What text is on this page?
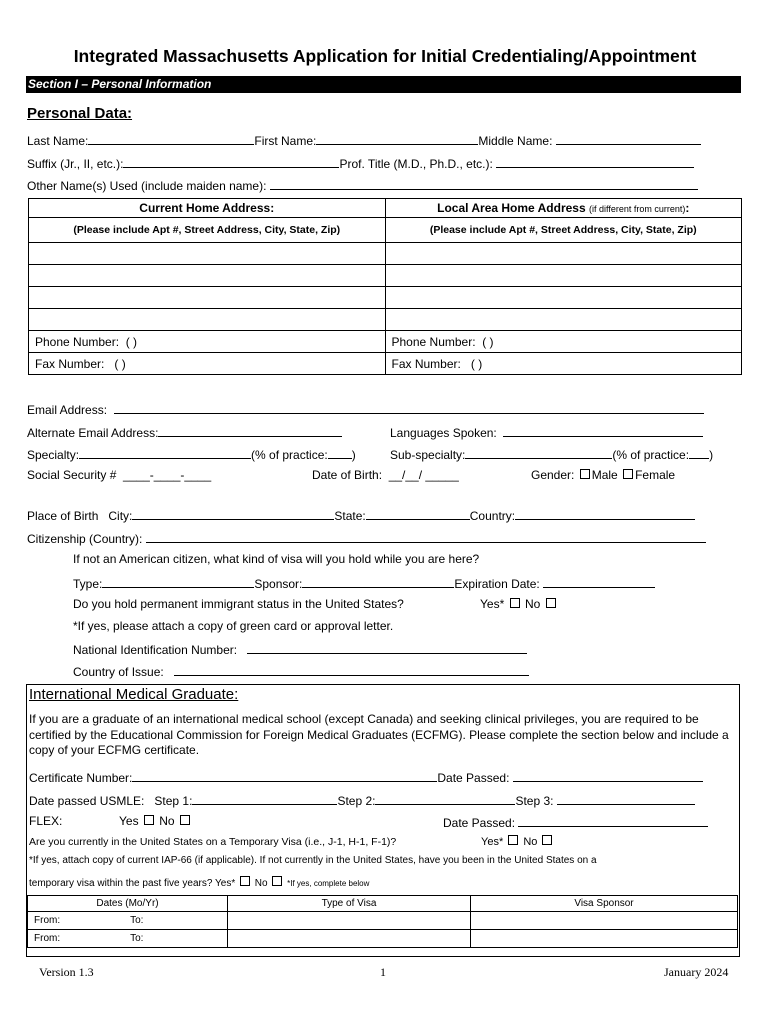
Integrated Massachusetts Application for Initial Credentialing/Appointment
Section I – Personal Information
Personal Data:
Last Name:	First Name:	Middle Name:
Suffix (Jr., II, etc.):	Prof. Title (M.D., Ph.D., etc.):
Other Name(s) Used (include maiden name):
Current Home Address:	Local Area Home Address (if different from current):
(Please include Apt #, Street Address, City, State, Zip)	(Please include Apt #, Street Address, City, State, Zip)

Phone Number: ( )	Phone Number: ( )
Fax Number: ( )	Fax Number: ( )
Email Address:
Alternate Email Address:	Languages Spoken:
Specialty:	(% of practice: )	Sub-specialty:	(% of practice: )
Social Security # ____-____-____	Date of Birth: __/__/ _____	Gender: Male Female
Place of Birth City:	State:	Country:
Citizenship (Country):
If not an American citizen, what kind of visa will you hold while you are here?
Type:	Sponsor:	Expiration Date:
Do you hold permanent immigrant status in the United States?	Yes* No
*If yes, please attach a copy of green card or approval letter.
National Identification Number:
Country of Issue:
International Medical Graduate:
If you are a graduate of an international medical school (except Canada) and seeking clinical privileges, you are required to be certified by the Educational Commission for Foreign Medical Graduates (ECFMG). Please complete the section below and include a copy of your ECFMG certificate.
Certificate Number:	Date Passed:
Date passed USMLE: Step 1:	Step 2:	Step 3:
FLEX:	Yes No	Date Passed:
Are you currently in the United States on a Temporary Visa (i.e., J-1, H-1, F-1)?	Yes* No
*If yes, attach copy of current IAP-66 (if applicable). If not currently in the United States, have you been in the United States on a
temporary visa within the past five years? Yes* No *If yes, complete below
Dates (Mo/Yr)	Type of Visa	Visa Sponsor
From: To:		
From: To:		
Version 1.3	1	January 2024
